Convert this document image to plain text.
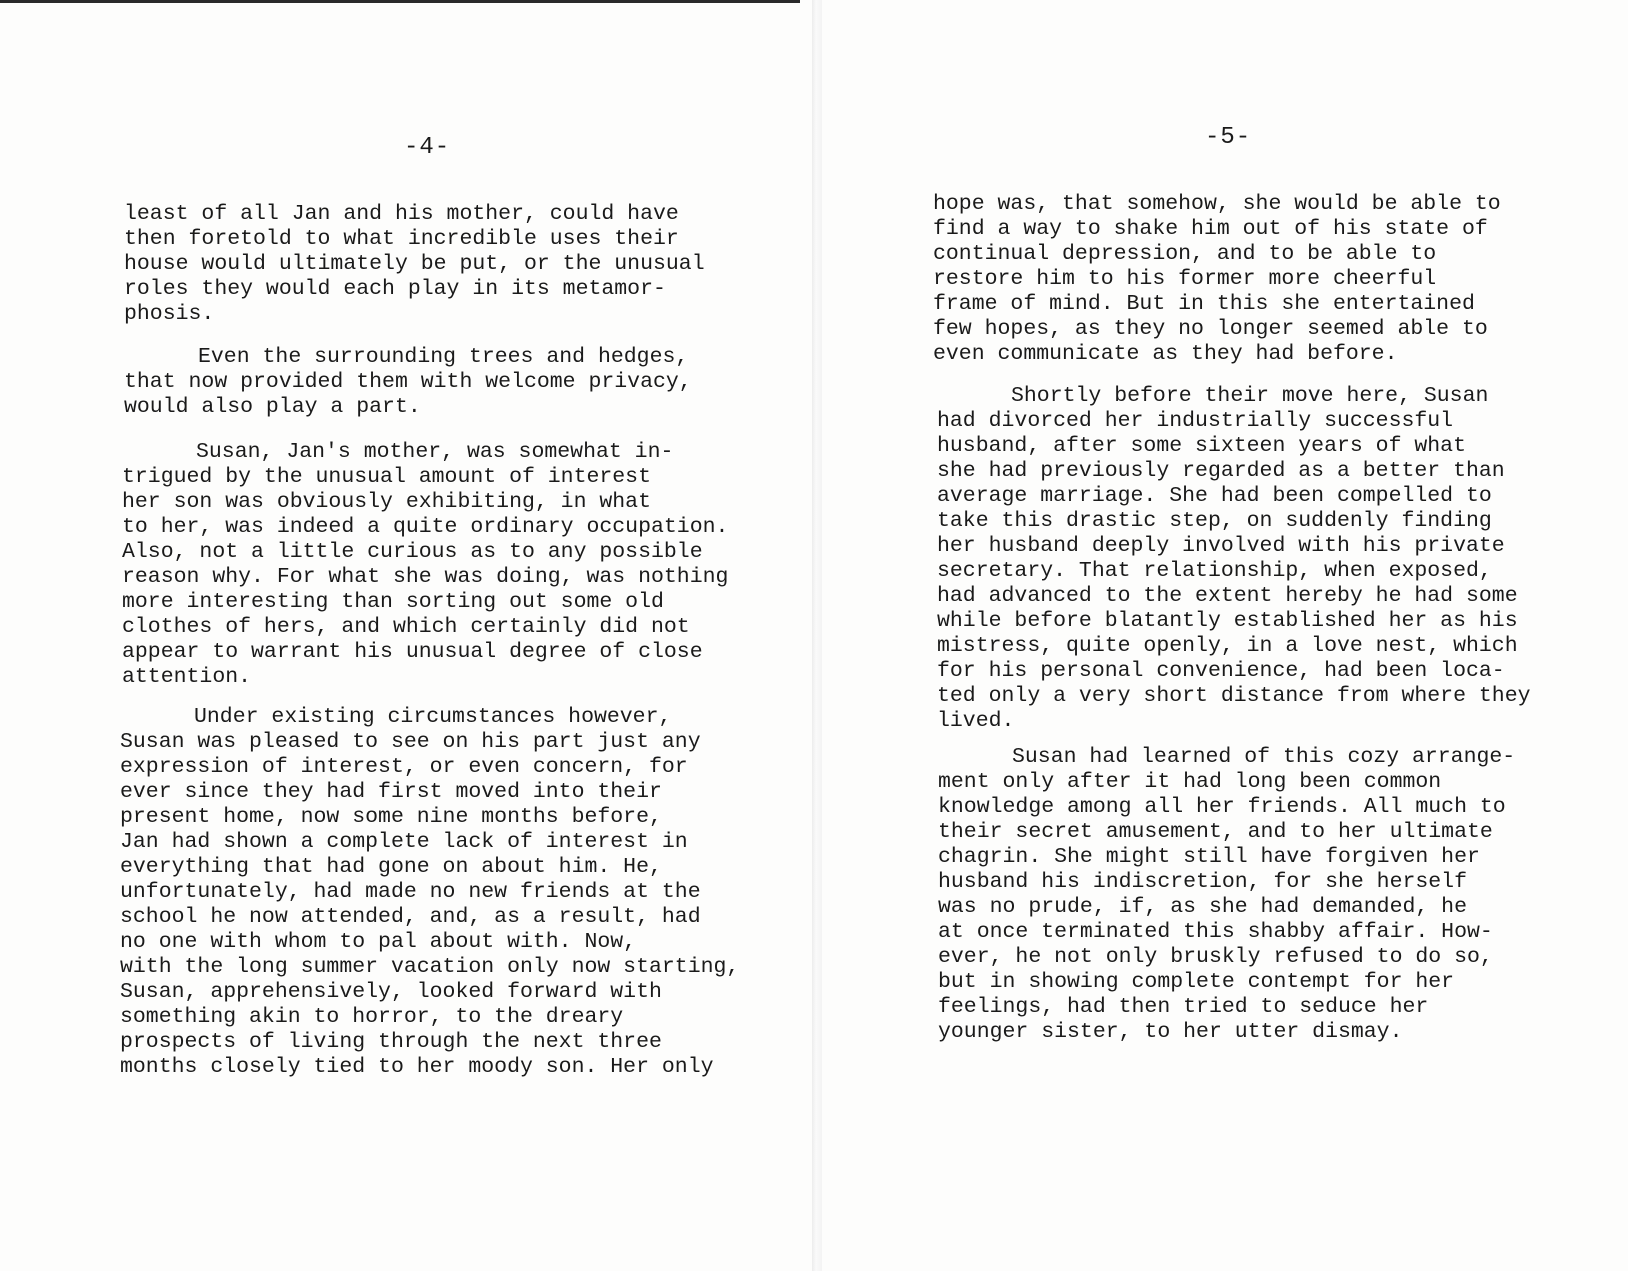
-4-

least of all Jan and his mother, could have
then foretold to what incredible uses their
house would ultimately be put, or the unusual
roles they would each play in its metamor-
phosis.

Even the surrounding trees and hedges,
that now provided them with welcome privacy,
would also play a part.

Susan, Jan's mother, was somewhat in-
trigued by the unusual amount of interest
her son was obviously exhibiting, in what
to her, was indeed a quite ordinary occupation.
Also, not a little curious as to any possible
reason why. For what she was doing, was nothing
more interesting than sorting out some old
clothes of hers, and which certainly did not
appear to warrant his unusual degree of close
attention.

Under existing circumstances however,
Susan was pleased to see on his part just any
expression of interest, or even concern, for
ever since they had first moved into their
present home, now some nine months before,
Jan had shown a complete lack of interest in
everything that had gone on about him. He,
unfortunately, had made no new friends at the
school he now attended, and, as a result, had
no one with whom to pal about with. Now,
with the long summer vacation only now starting,
Susan, apprehensively, looked forward with
something akin to horror, to the dreary
prospects of living through the next three
months closely tied to her moody son. Her only

-5-

hope was, that somehow, she would be able to
find a way to shake him out of his state of
continual depression, and to be able to
restore him to his former more cheerful
frame of mind. But in this she entertained
few hopes, as they no longer seemed able to
even communicate as they had before.

Shortly before their move here, Susan
had divorced her industrially successful
husband, after some sixteen years of what
she had previously regarded as a better than
average marriage. She had been compelled to
take this drastic step, on suddenly finding
her husband deeply involved with his private
secretary. That relationship, when exposed,
had advanced to the extent hereby he had some
while before blatantly established her as his
mistress, quite openly, in a love nest, which
for his personal convenience, had been loca-
ted only a very short distance from where they
lived.

Susan had learned of this cozy arrange-
ment only after it had long been common
knowledge among all her friends. All much to
their secret amusement, and to her ultimate
chagrin. She might still have forgiven her
husband his indiscretion, for she herself
was no prude, if, as she had demanded, he
at once terminated this shabby affair. How-
ever, he not only bruskly refused to do so,
but in showing complete contempt for her
feelings, had then tried to seduce her
younger sister, to her utter dismay.
